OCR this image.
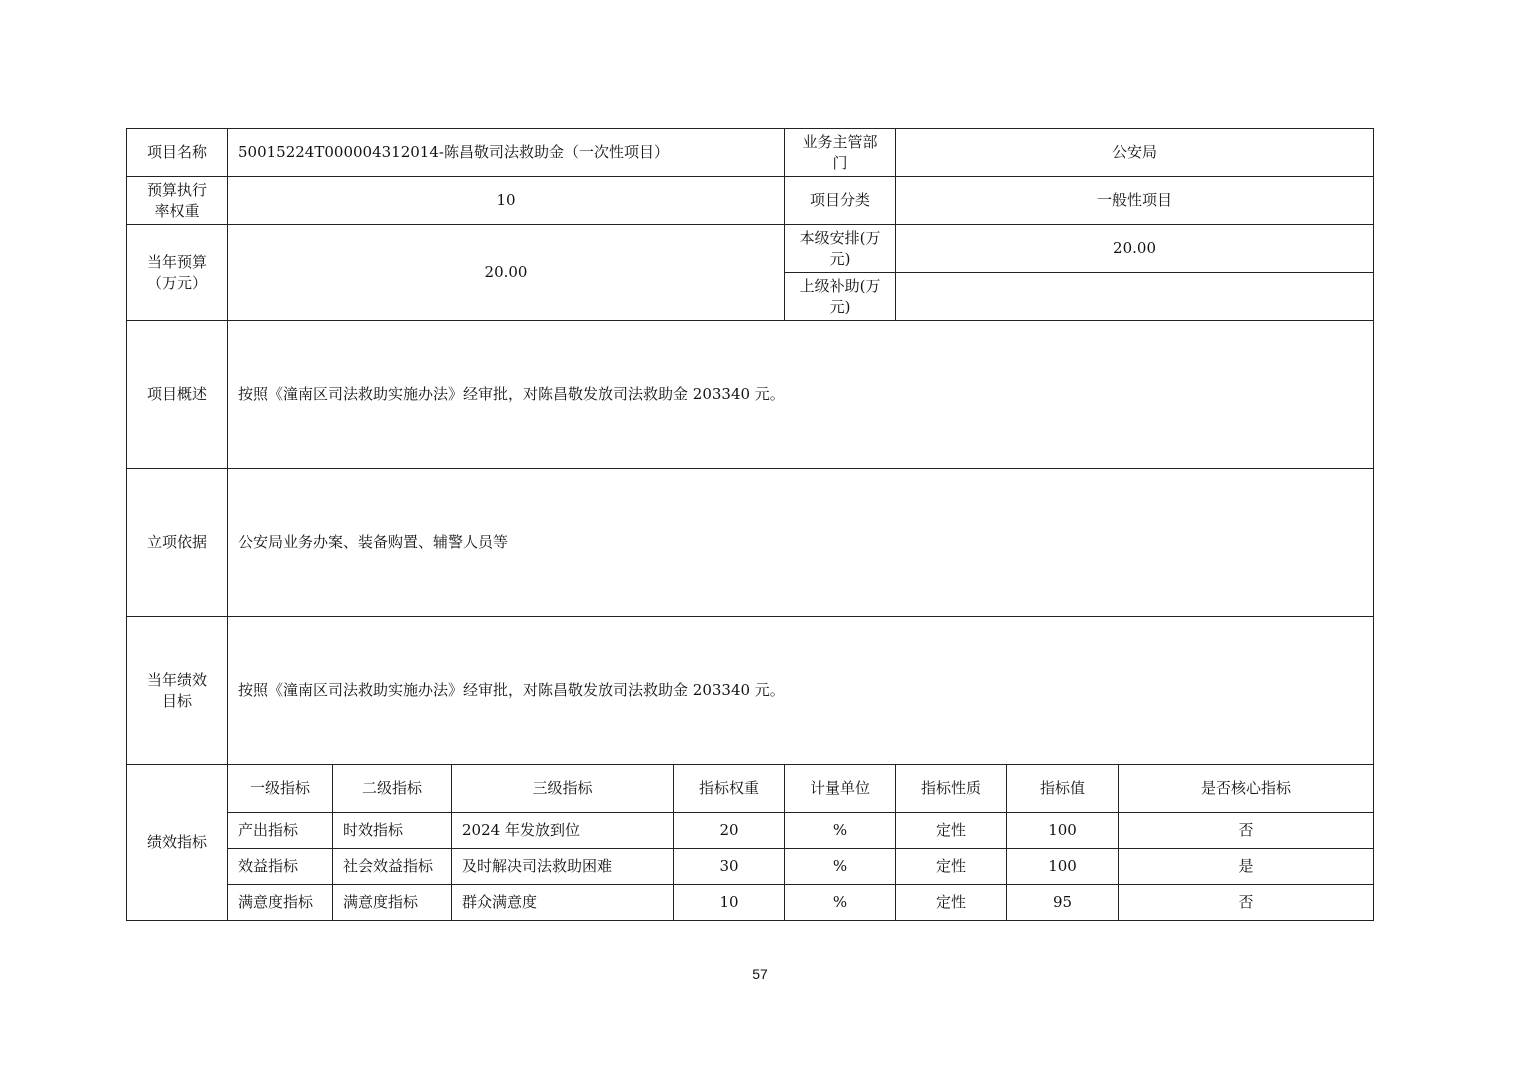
项目名称	50015224T000004312014-陈昌敬司法救助金（一次性项目）				业务主管部门	公安局		
预算执行率权重	10				项目分类	一般性项目		
当年预算（万元）	20.00				本级安排(万元)	20.00		
					上级补助(万元)			
项目概述	按照《潼南区司法救助实施办法》经审批，对陈昌敬发放司法救助金 203340 元。							
立项依据	公安局业务办案、装备购置、辅警人员等							
当年绩效目标	按照《潼南区司法救助实施办法》经审批，对陈昌敬发放司法救助金 203340 元。							
绩效指标	一级指标	二级指标	三级指标	指标权重	计量单位	指标性质	指标值	是否核心指标
	产出指标	时效指标	2024 年发放到位	20	%	定性	100	否
	效益指标	社会效益指标	及时解决司法救助困难	30	%	定性	100	是
	满意度指标	满意度指标	群众满意度	10	%	定性	95	否
57
